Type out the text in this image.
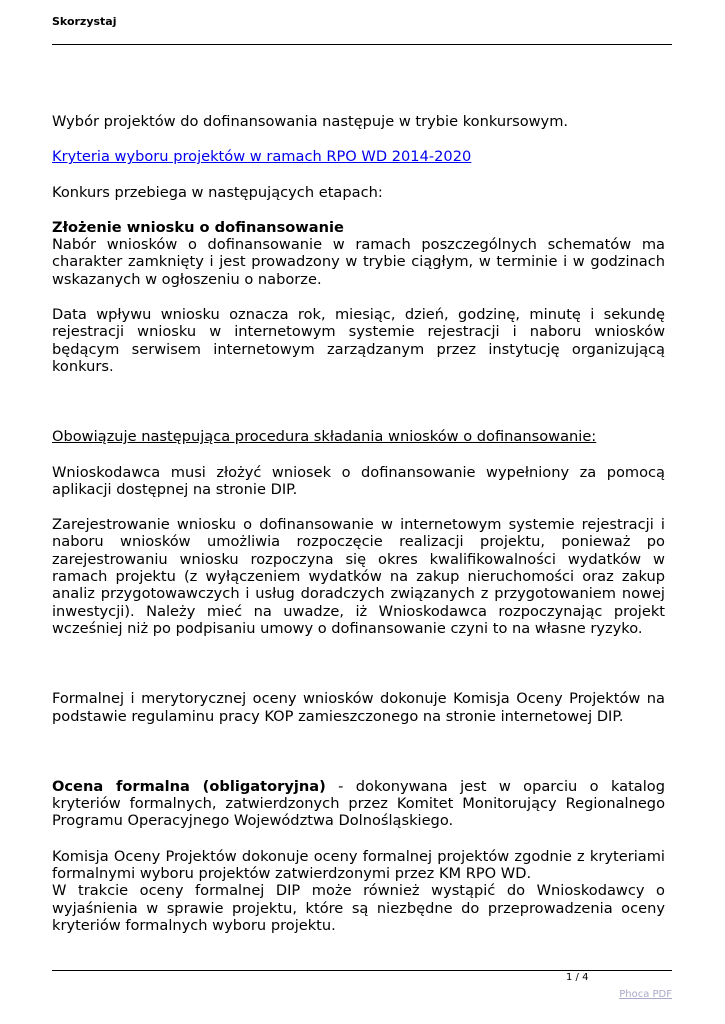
Skorzystaj

Wybór projektów do dofinansowania następuje w trybie konkursowym.

Kryteria wyboru projektów w ramach RPO WD 2014-2020

Konkurs przebiega w następujących etapach:

Złożenie wniosku o dofinansowanie

Nabór wniosków o dofinansowanie w ramach poszczególnych schematów ma charakter zamknięty i jest prowadzony w trybie ciągłym, w terminie i w godzinach wskazanych w ogłoszeniu o naborze.

Data wpływu wniosku oznacza rok, miesiąc, dzień, godzinę, minutę i sekundę rejestracji wniosku w internetowym systemie rejestracji i naboru wniosków będącym serwisem internetowym zarządzanym przez instytucję organizującą konkurs.

Obowiązuje następująca procedura składania wniosków o dofinansowanie:

Wnioskodawca musi złożyć wniosek o dofinansowanie wypełniony za pomocą aplikacji dostępnej na stronie DIP.

Zarejestrowanie wniosku o dofinansowanie w internetowym systemie rejestracji i naboru wniosków umożliwia rozpoczęcie realizacji projektu, ponieważ po zarejestrowaniu wniosku rozpoczyna się okres kwalifikowalności wydatków w ramach projektu (z wyłączeniem wydatków na zakup nieruchomości oraz zakup analiz przygotowawczych i usług doradczych związanych z przygotowaniem nowej inwestycji). Należy mieć na uwadze, iż Wnioskodawca rozpoczynając projekt wcześniej niż po podpisaniu umowy o dofinansowanie czyni to na własne ryzyko.

Formalnej i merytorycznej oceny wniosków dokonuje Komisja Oceny Projektów na podstawie regulaminu pracy KOP zamieszczonego na stronie internetowej DIP.

Ocena formalna (obligatoryjna) - dokonywana jest w oparciu o katalog kryteriów formalnych, zatwierdzonych przez Komitet Monitorujący Regionalnego Programu Operacyjnego Województwa Dolnośląskiego.

Komisja Oceny Projektów dokonuje oceny formalnej projektów zgodnie z kryteriami formalnymi wyboru projektów zatwierdzonymi przez KM RPO WD.

W trakcie oceny formalnej DIP może również wystąpić do Wnioskodawcy o wyjaśnienia w sprawie projektu, które są niezbędne do przeprowadzenia oceny kryteriów formalnych wyboru projektu.

1 / 4
Phoca PDF
